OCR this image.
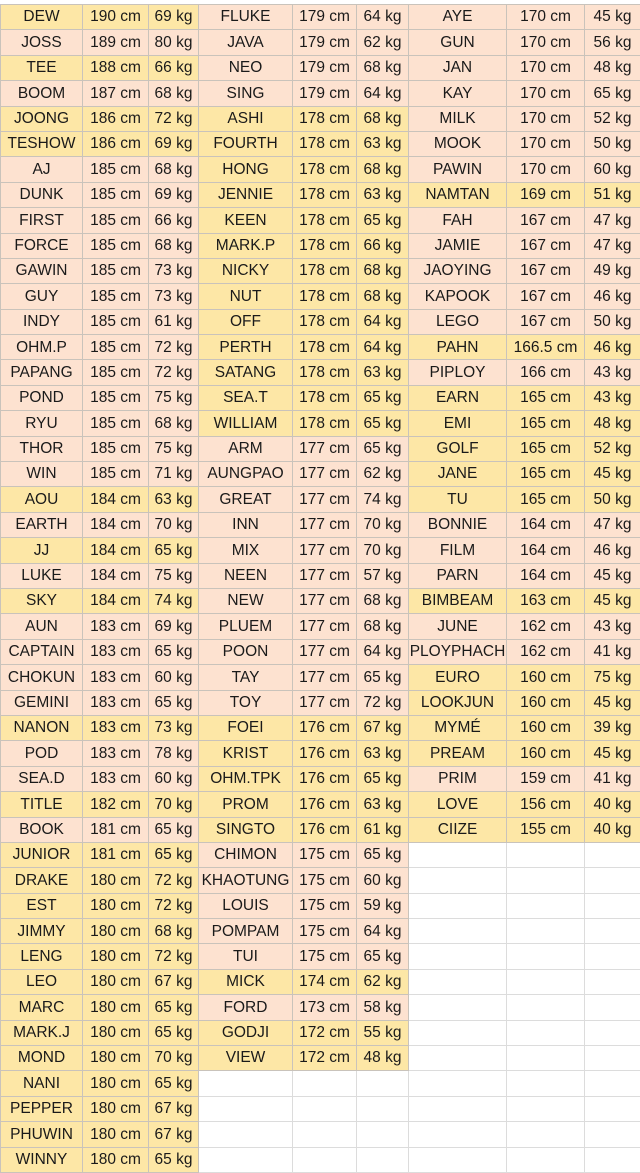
DEW	190 cm	69 kg	FLUKE	179 cm	64 kg	AYE	170 cm	45 kg
JOSS	189 cm	80 kg	JAVA	179 cm	62 kg	GUN	170 cm	56 kg
TEE	188 cm	66 kg	NEO	179 cm	68 kg	JAN	170 cm	48 kg
BOOM	187 cm	68 kg	SING	179 cm	64 kg	KAY	170 cm	65 kg
JOONG	186 cm	72 kg	ASHI	178 cm	68 kg	MILK	170 cm	52 kg
TESHOW	186 cm	69 kg	FOURTH	178 cm	63 kg	MOOK	170 cm	50 kg
AJ	185 cm	68 kg	HONG	178 cm	68 kg	PAWIN	170 cm	60 kg
DUNK	185 cm	69 kg	JENNIE	178 cm	63 kg	NAMTAN	169 cm	51 kg
FIRST	185 cm	66 kg	KEEN	178 cm	65 kg	FAH	167 cm	47 kg
FORCE	185 cm	68 kg	MARK.P	178 cm	66 kg	JAMIE	167 cm	47 kg
GAWIN	185 cm	73 kg	NICKY	178 cm	68 kg	JAOYING	167 cm	49 kg
GUY	185 cm	73 kg	NUT	178 cm	68 kg	KAPOOK	167 cm	46 kg
INDY	185 cm	61 kg	OFF	178 cm	64 kg	LEGO	167 cm	50 kg
OHM.P	185 cm	72 kg	PERTH	178 cm	64 kg	PAHN	166.5 cm	46 kg
PAPANG	185 cm	72 kg	SATANG	178 cm	63 kg	PIPLOY	166 cm	43 kg
POND	185 cm	75 kg	SEA.T	178 cm	65 kg	EARN	165 cm	43 kg
RYU	185 cm	68 kg	WILLIAM	178 cm	65 kg	EMI	165 cm	48 kg
THOR	185 cm	75 kg	ARM	177 cm	65 kg	GOLF	165 cm	52 kg
WIN	185 cm	71 kg	AUNGPAO	177 cm	62 kg	JANE	165 cm	45 kg
AOU	184 cm	63 kg	GREAT	177 cm	74 kg	TU	165 cm	50 kg
EARTH	184 cm	70 kg	INN	177 cm	70 kg	BONNIE	164 cm	47 kg
JJ	184 cm	65 kg	MIX	177 cm	70 kg	FILM	164 cm	46 kg
LUKE	184 cm	75 kg	NEEN	177 cm	57 kg	PARN	164 cm	45 kg
SKY	184 cm	74 kg	NEW	177 cm	68 kg	BIMBEAM	163 cm	45 kg
AUN	183 cm	69 kg	PLUEM	177 cm	68 kg	JUNE	162 cm	43 kg
CAPTAIN	183 cm	65 kg	POON	177 cm	64 kg	PLOYPHACH	162 cm	41 kg
CHOKUN	183 cm	60 kg	TAY	177 cm	65 kg	EURO	160 cm	75 kg
GEMINI	183 cm	65 kg	TOY	177 cm	72 kg	LOOKJUN	160 cm	45 kg
NANON	183 cm	73 kg	FOEI	176 cm	67 kg	MYMÉ	160 cm	39 kg
POD	183 cm	78 kg	KRIST	176 cm	63 kg	PREAM	160 cm	45 kg
SEA.D	183 cm	60 kg	OHM.TPK	176 cm	65 kg	PRIM	159 cm	41 kg
TITLE	182 cm	70 kg	PROM	176 cm	63 kg	LOVE	156 cm	40 kg
BOOK	181 cm	65 kg	SINGTO	176 cm	61 kg	CIIZE	155 cm	40 kg
JUNIOR	181 cm	65 kg	CHIMON	175 cm	65 kg			
DRAKE	180 cm	72 kg	KHAOTUNG	175 cm	60 kg			
EST	180 cm	72 kg	LOUIS	175 cm	59 kg			
JIMMY	180 cm	68 kg	POMPAM	175 cm	64 kg			
LENG	180 cm	72 kg	TUI	175 cm	65 kg			
LEO	180 cm	67 kg	MICK	174 cm	62 kg			
MARC	180 cm	65 kg	FORD	173 cm	58 kg			
MARK.J	180 cm	65 kg	GODJI	172 cm	55 kg			
MOND	180 cm	70 kg	VIEW	172 cm	48 kg			
NANI	180 cm	65 kg						
PEPPER	180 cm	67 kg						
PHUWIN	180 cm	67 kg						
WINNY	180 cm	65 kg						
